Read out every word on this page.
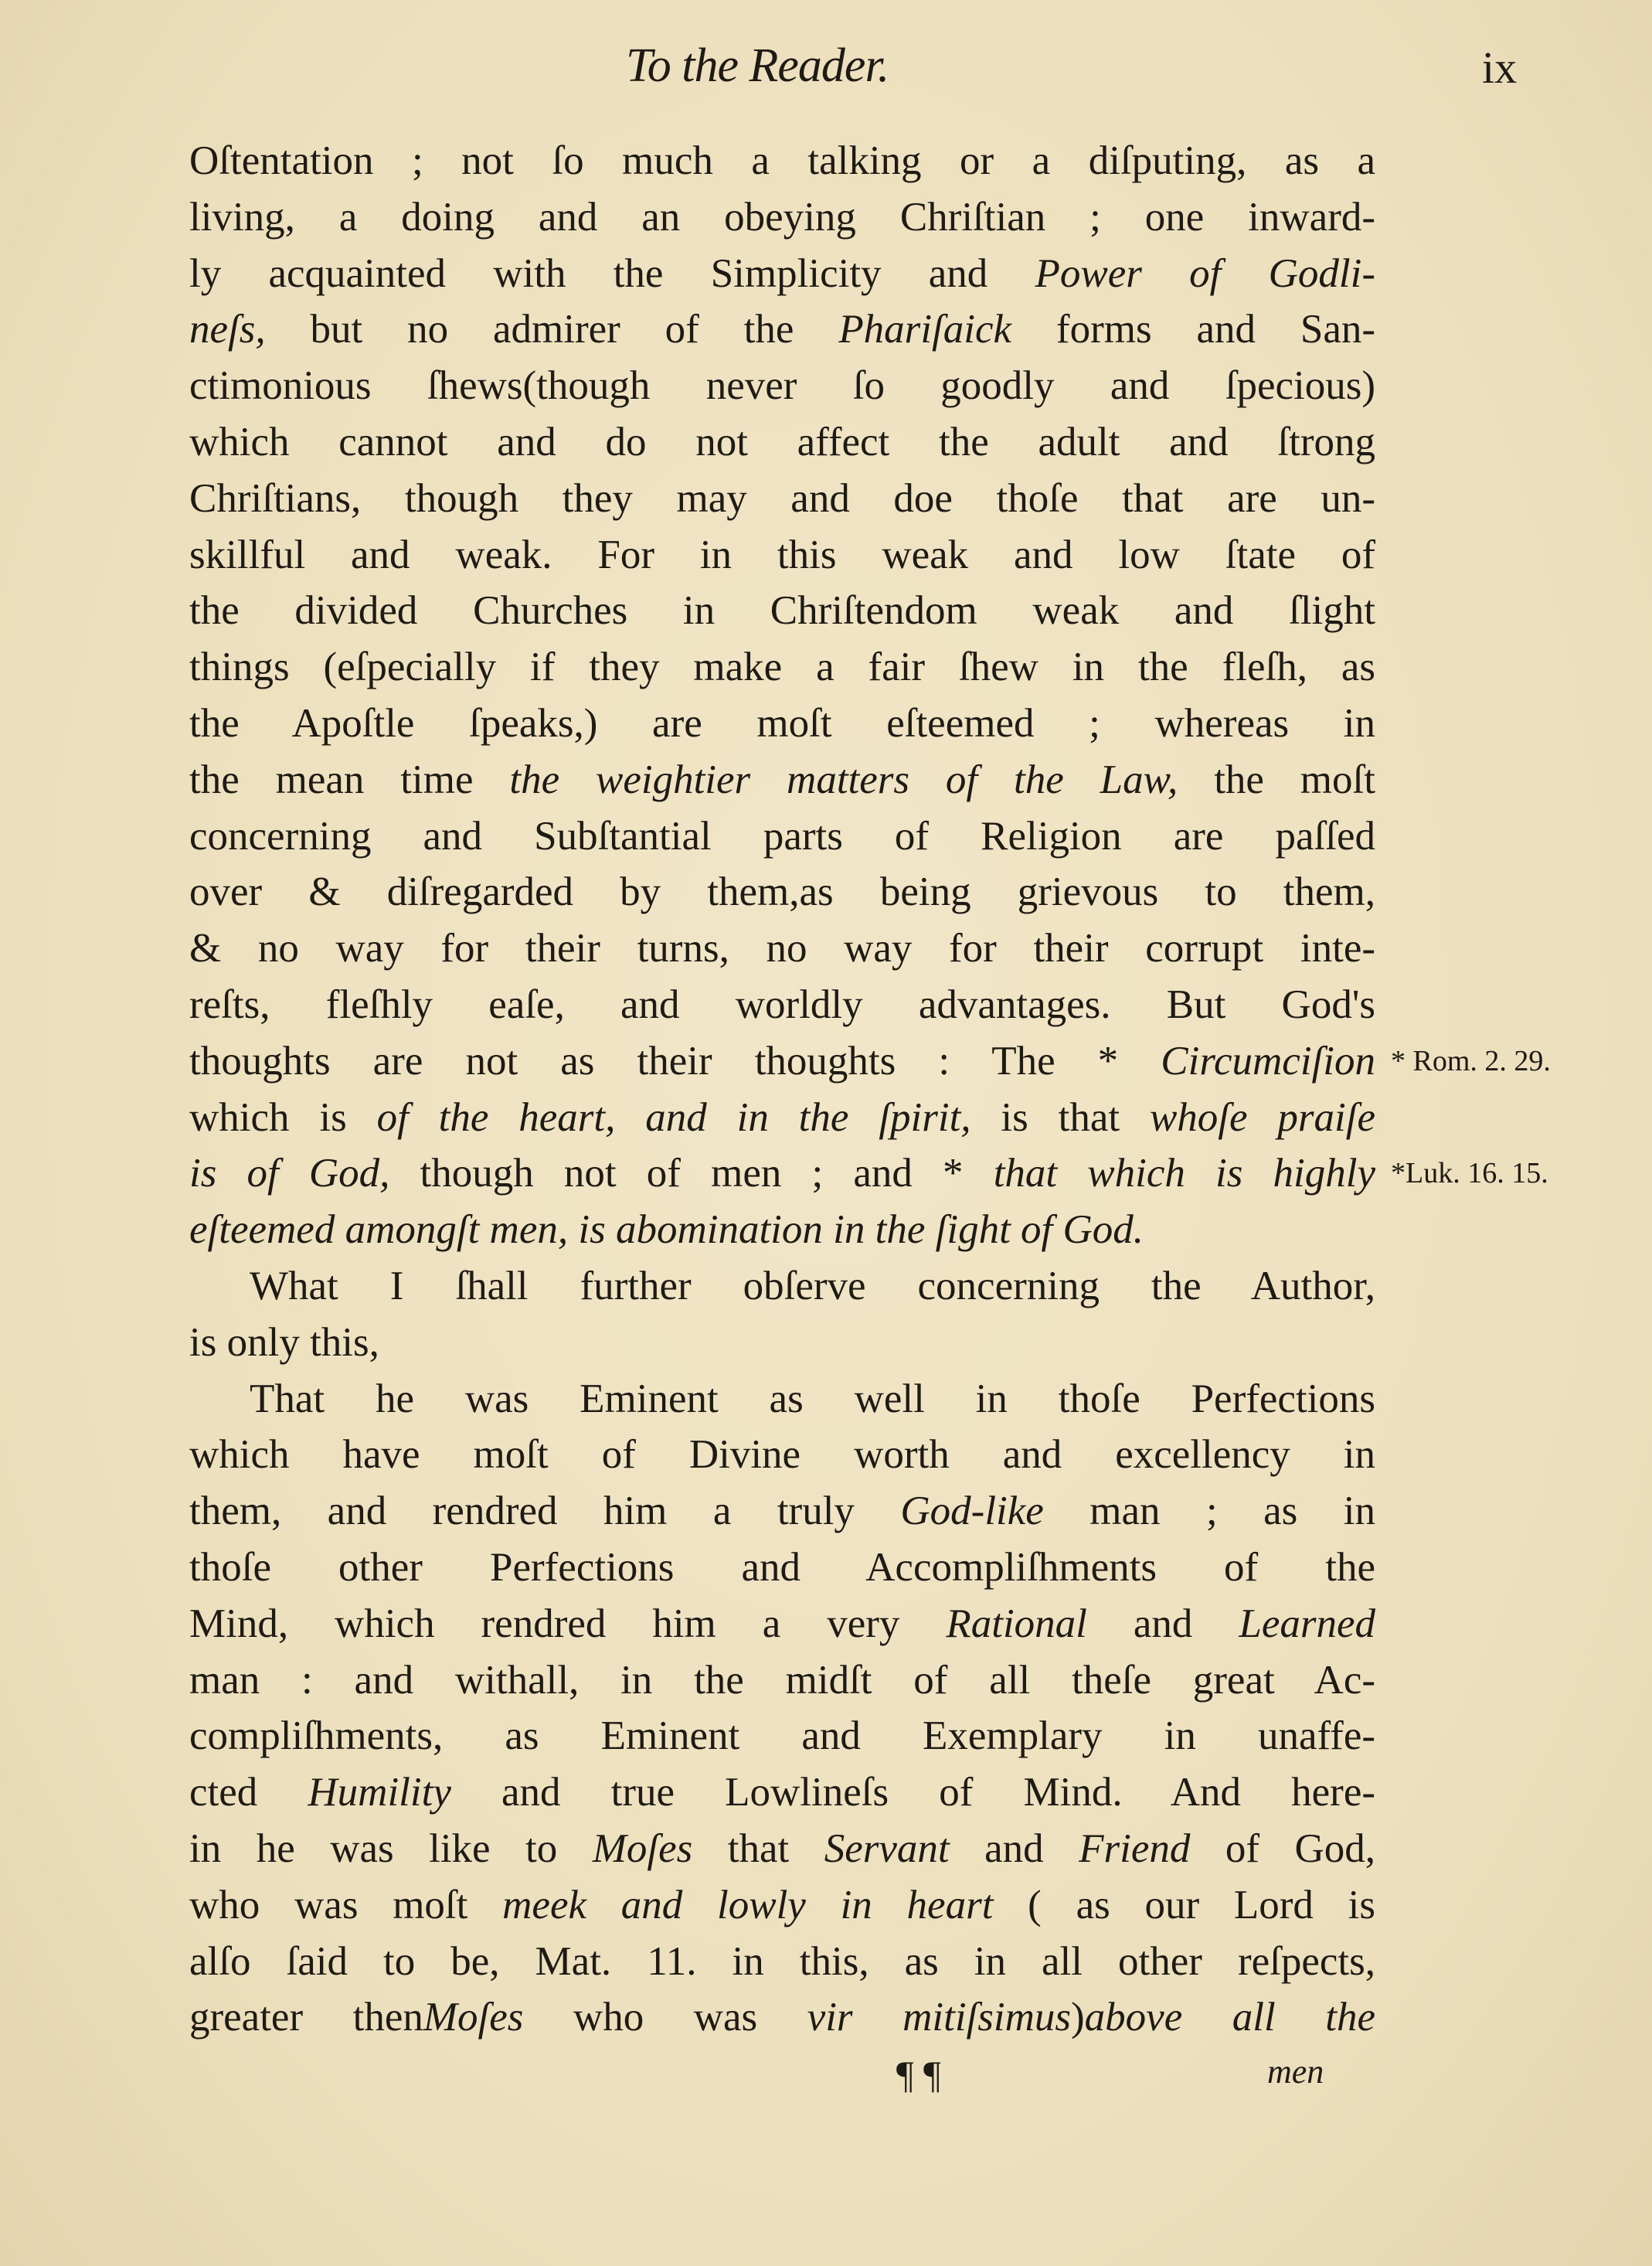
To the Reader.	ix
Oſtentation ; not ſo much a talking or a diſputing, as a
living, a doing and an obeying Chriſtian ; one inward-
ly acquainted with the Simplicity and Power of Godli-
neſs, but no admirer of the Phariſaick forms and San-
ctimonious ſhews(though never ſo goodly and ſpecious)
which cannot and do not affect the adult and ſtrong
Chriſtians, though they may and doe thoſe that are un-
skillful and weak. For in this weak and low ſtate of
the divided Churches in Chriſtendom weak and ſlight
things (eſpecially if they make a fair ſhew in the fleſh, as
the Apoſtle ſpeaks,) are moſt eſteemed ; whereas in
the mean time the weightier matters of the Law, the moſt
concerning and Subſtantial parts of Religion are paſſed
over & diſregarded by them,as being grievous to them,
& no way for their turns, no way for their corrupt inte-
reſts, fleſhly eaſe, and worldly advantages. But God's
thoughts are not as their thoughts : The * Circumciſion * Rom. 2. 29.
which is of the heart, and in the ſpirit, is that whoſe praiſe
is of God, though not of men ; and * that which is highly *Luk. 16. 15.
eſteemed amongſt men, is abomination in the ſight of God.
What I ſhall further obſerve concerning the Author,
is only this,
That he was Eminent as well in thoſe Perfections
which have moſt of Divine worth and excellency in
them, and rendred him a truly God-like man ; as in
thoſe other Perfections and Accompliſhments of the
Mind, which rendred him a very Rational and Learned
man : and withall, in the midſt of all theſe great Ac-
compliſhments, as Eminent and Exemplary in unaffe-
cted Humility and true Lowlineſs of Mind. And here-
in he was like to Moſes that Servant and Friend of God,
who was moſt meek and lowly in heart ( as our Lord is
alſo ſaid to be, Mat. 11. in this, as in all other reſpects,
greater thenMoſes who was vir mitiſsimus)above all the
¶ ¶	men
